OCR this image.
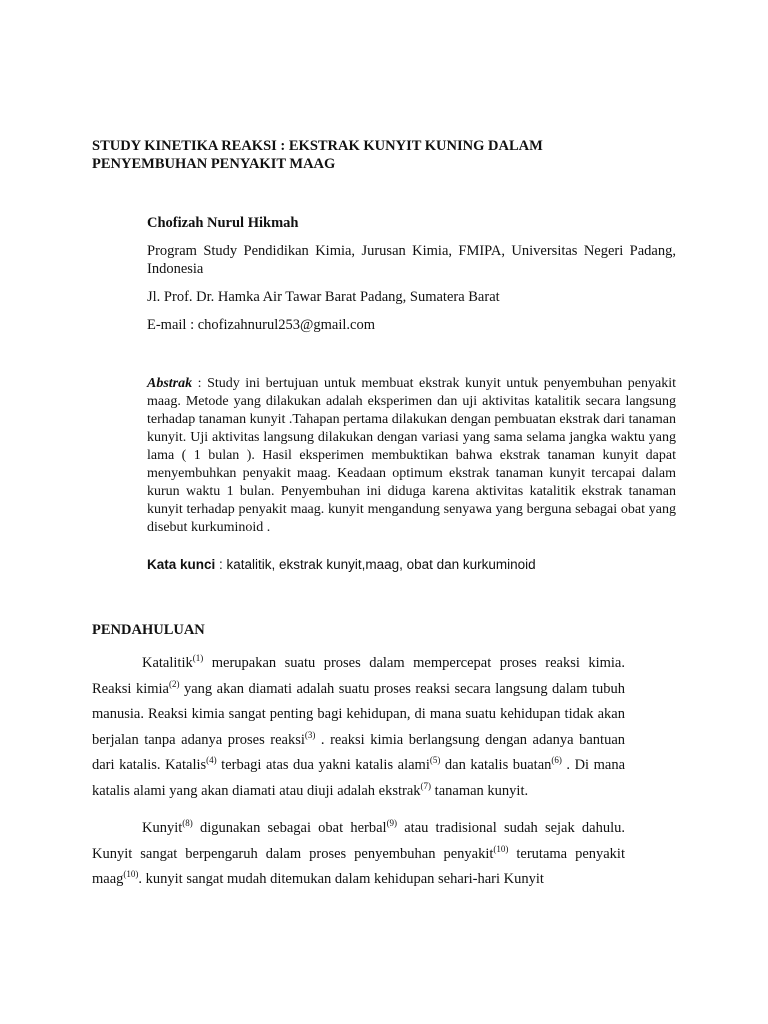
STUDY KINETIKA REAKSI : EKSTRAK KUNYIT KUNING DALAM
PENYEMBUHAN PENYAKIT MAAG
Chofizah Nurul Hikmah

Program Study Pendidikan Kimia, Jurusan Kimia, FMIPA, Universitas Negeri Padang, Indonesia

Jl. Prof. Dr. Hamka Air Tawar Barat Padang, Sumatera Barat

E-mail : chofizahnurul253@gmail.com

Abstrak : Study ini bertujuan untuk membuat ekstrak kunyit untuk penyembuhan penyakit maag. Metode yang dilakukan adalah eksperimen dan uji aktivitas katalitik secara langsung terhadap tanaman kunyit .Tahapan pertama dilakukan dengan pembuatan ekstrak dari tanaman kunyit. Uji aktivitas langsung dilakukan dengan variasi yang sama selama jangka waktu yang lama ( 1 bulan ). Hasil eksperimen membuktikan bahwa ekstrak tanaman kunyit dapat menyembuhkan penyakit maag. Keadaan optimum ekstrak tanaman kunyit tercapai dalam kurun waktu 1 bulan. Penyembuhan ini diduga karena aktivitas katalitik ekstrak tanaman kunyit terhadap penyakit maag. kunyit mengandung senyawa yang berguna sebagai obat yang disebut kurkuminoid .
Kata kunci : katalitik, ekstrak kunyit,maag, obat dan kurkuminoid
PENDAHULUAN

Katalitik$^{(1)}$ merupakan suatu proses dalam mempercepat proses reaksi kimia. Reaksi kimia$^{(2)}$ yang akan diamati adalah suatu proses reaksi secara langsung dalam tubuh manusia. Reaksi kimia sangat penting bagi kehidupan, di mana suatu kehidupan tidak akan berjalan tanpa adanya proses reaksi$^{(3)}$ . reaksi kimia berlangsung dengan adanya bantuan dari katalis. Katalis$^{(4)}$ terbagi atas dua yakni katalis alami$^{(5)}$ dan katalis buatan$^{(6)}$ . Di mana katalis alami yang akan diamati atau diuji adalah ekstrak$^{(7)}$ tanaman kunyit.

Kunyit$^{(8)}$ digunakan sebagai obat herbal$^{(9)}$ atau tradisional sudah sejak dahulu. Kunyit sangat berpengaruh dalam proses penyembuhan penyakit$^{(10)}$ terutama penyakit maag$^{(10)}$. kunyit sangat mudah ditemukan dalam kehidupan sehari-hari Kunyit
